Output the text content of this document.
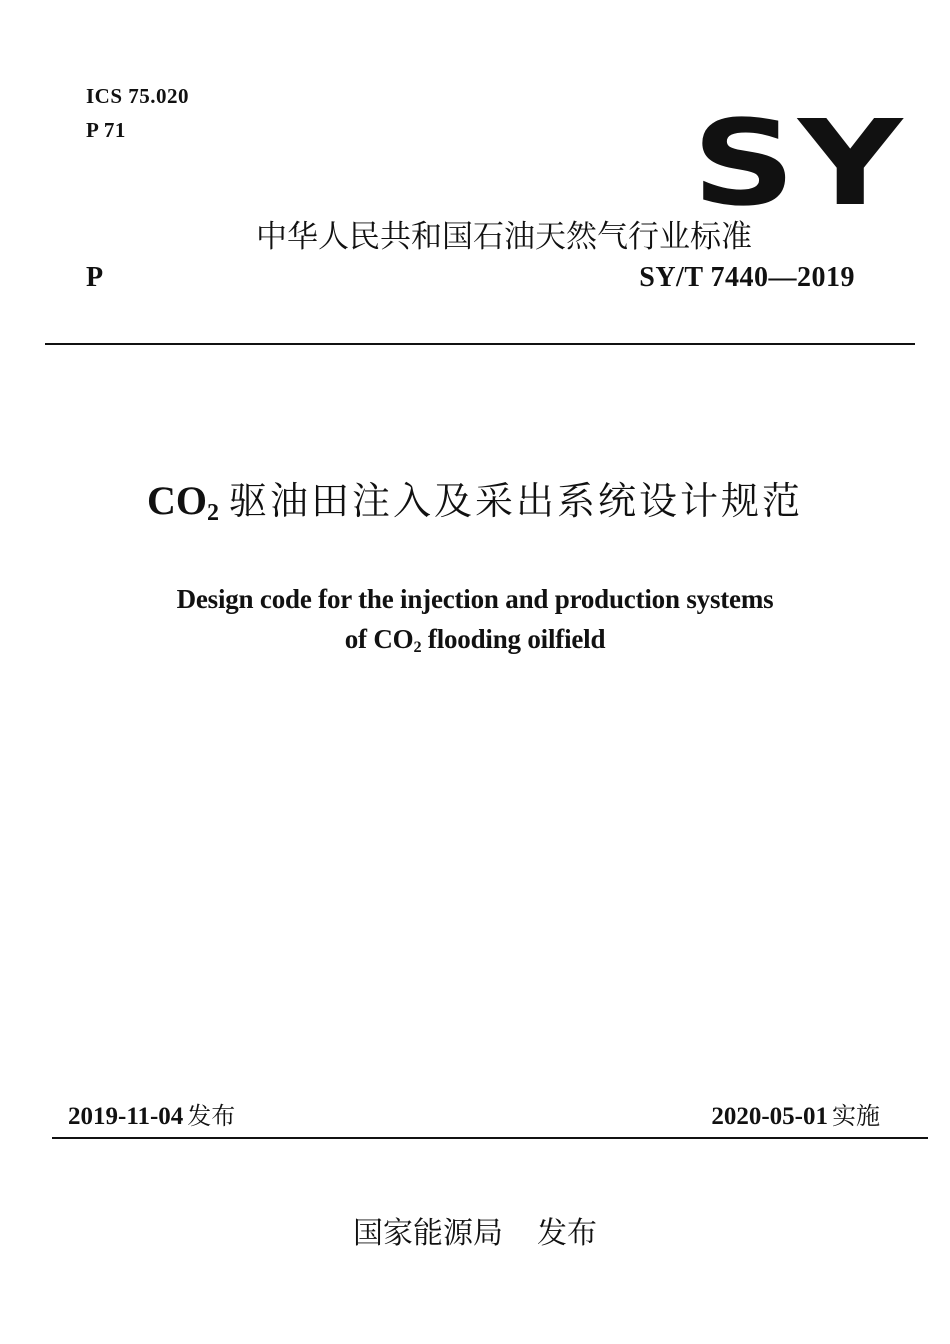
ICS 75.020
P 71	SY
中华人民共和国石油天然气行业标准
P	SY/T 7440—2019
$CO_2$ 驱油田注入及采出系统设计规范
Design code for the injection and production systems
of $CO_2$ flooding oilfield
2019-11-04 发布	2020-05-01 实施
国家能源局 发布
